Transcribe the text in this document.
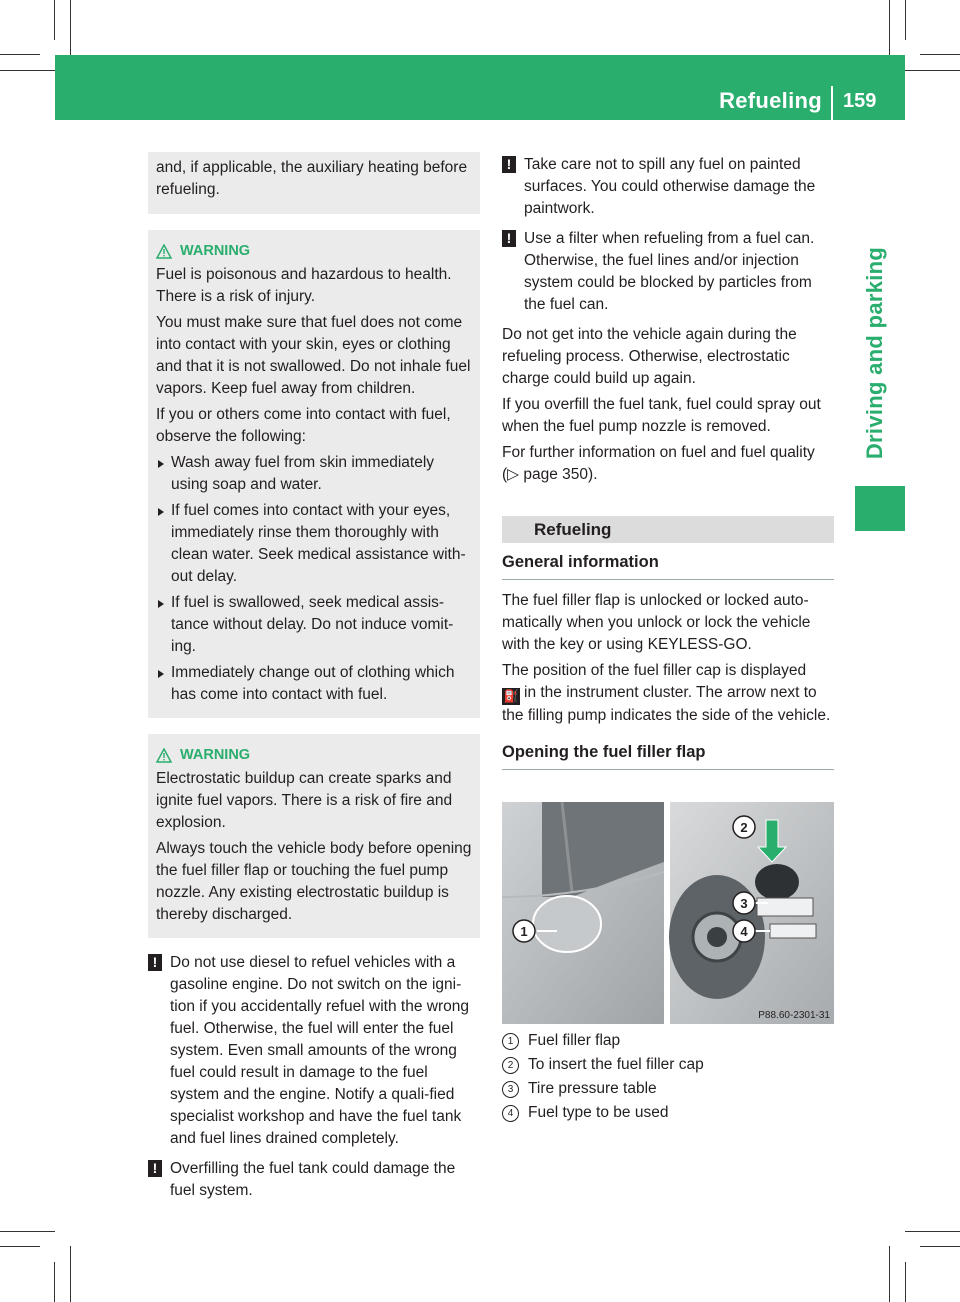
Refueling 159
Driving and parking

and, if applicable, the auxiliary heating before refueling.

WARNING

Fuel is poisonous and hazardous to health. There is a risk of injury.

You must make sure that fuel does not come into contact with your skin, eyes or clothing and that it is not swallowed. Do not inhale fuel vapors. Keep fuel away from children.

If you or others come into contact with fuel, observe the following:

Wash away fuel from skin immediately using soap and water.
If fuel comes into contact with your eyes, immediately rinse them thoroughly with clean water. Seek medical assistance with-out delay.
If fuel is swallowed, seek medical assis-tance without delay. Do not induce vomit-ing.
Immediately change out of clothing which has come into contact with fuel.
WARNING

Electrostatic buildup can create sparks and ignite fuel vapors. There is a risk of fire and explosion.

Always touch the vehicle body before opening the fuel filler flap or touching the fuel pump nozzle. Any existing electrostatic buildup is thereby discharged.

! Do not use diesel to refuel vehicles with a gasoline engine. Do not switch on the igni-tion if you accidentally refuel with the wrong fuel. Otherwise, the fuel will enter the fuel system. Even small amounts of the wrong fuel could result in damage to the fuel system and the engine. Notify a quali-fied specialist workshop and have the fuel tank and fuel lines drained completely.
! Overfilling the fuel tank could damage the fuel system.
! Take care not to spill any fuel on painted surfaces. You could otherwise damage the paintwork.
! Use a filter when refueling from a fuel can. Otherwise, the fuel lines and/or injection system could be blocked by particles from the fuel can.

Do not get into the vehicle again during the refueling process. Otherwise, electrostatic charge could build up again.

If you overfill the fuel tank, fuel could spray out when the fuel pump nozzle is removed.

For further information on fuel and fuel quality (▷ page 350).

Refueling
General information

The fuel filler flap is unlocked or locked auto-matically when you unlock or lock the vehicle with the key or using KEYLESS-GO.

The position of the fuel filler cap is displayed

⛽ in the instrument cluster. The arrow next to the filling pump indicates the side of the vehicle.

Opening the fuel filler flap
1
2
3
4
P88.60-2301-31
1 Fuel filler flap
2 To insert the fuel filler cap
3 Tire pressure table
4 Fuel type to be used
